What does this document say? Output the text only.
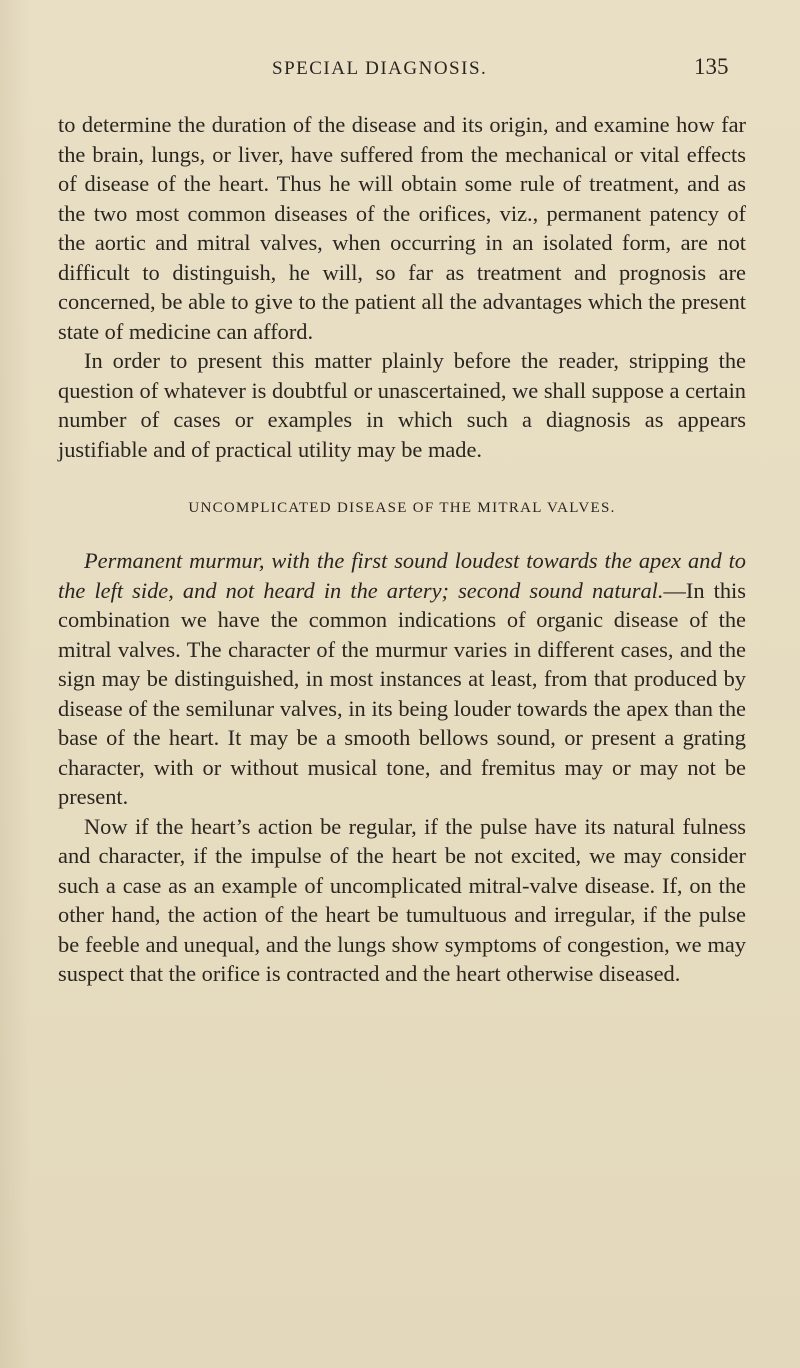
SPECIAL DIAGNOSIS.	135

to determine the duration of the disease and its origin, and examine how far the brain, lungs, or liver, have suffered from the mechanical or vital effects of disease of the heart. Thus he will obtain some rule of treatment, and as the two most common diseases of the orifices, viz., permanent patency of the aortic and mitral valves, when occurring in an isolated form, are not difficult to distinguish, he will, so far as treatment and prognosis are concerned, be able to give to the patient all the advantages which the present state of medicine can afford.

In order to present this matter plainly before the reader, stripping the question of whatever is doubtful or unascertained, we shall suppose a certain number of cases or examples in which such a diagnosis as appears justifiable and of practical utility may be made.

UNCOMPLICATED DISEASE OF THE MITRAL VALVES.

Permanent murmur, with the first sound loudest towards the apex and to the left side, and not heard in the artery; second sound natural.—In this combination we have the common indications of organic disease of the mitral valves. The character of the murmur varies in different cases, and the sign may be distinguished, in most instances at least, from that produced by disease of the semilunar valves, in its being louder towards the apex than the base of the heart. It may be a smooth bellows sound, or present a grating character, with or without musical tone, and fremitus may or may not be present.

Now if the heart’s action be regular, if the pulse have its natural fulness and character, if the impulse of the heart be not excited, we may consider such a case as an example of uncomplicated mitral-valve disease. If, on the other hand, the action of the heart be tumultuous and irregular, if the pulse be feeble and unequal, and the lungs show symptoms of congestion, we may suspect that the orifice is contracted and the heart otherwise diseased.
